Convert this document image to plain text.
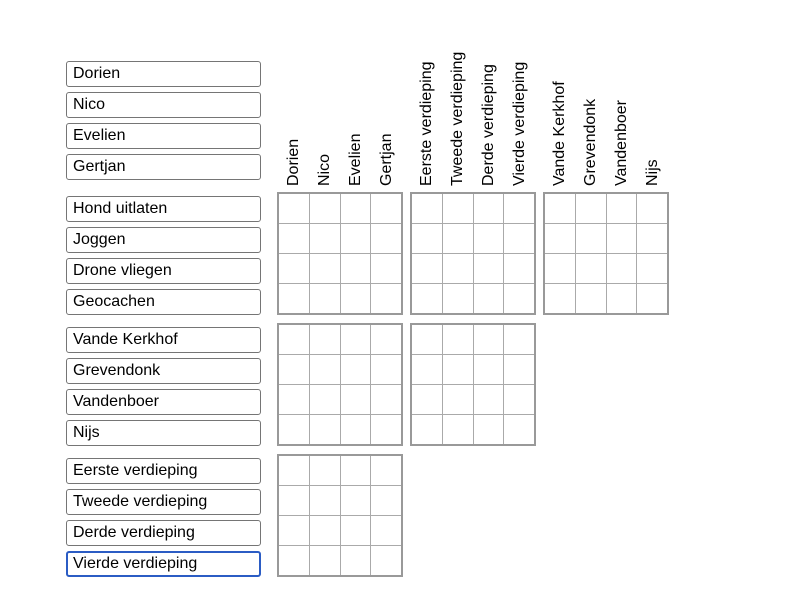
Dorien
Nico
Evelien
Gertjan
Hond uitlaten
Joggen
Drone vliegen
Geocachen
Vande Kerkhof
Grevendonk
Vandenboer
Nijs
Eerste verdieping
Tweede verdieping
Derde verdieping
Vierde verdieping
Dorien Nico Evelien Gertjan Eerste verdieping Tweede verdieping Derde verdieping Vierde verdieping Vande Kerkhof Grevendonk Vandenboer Nijs
